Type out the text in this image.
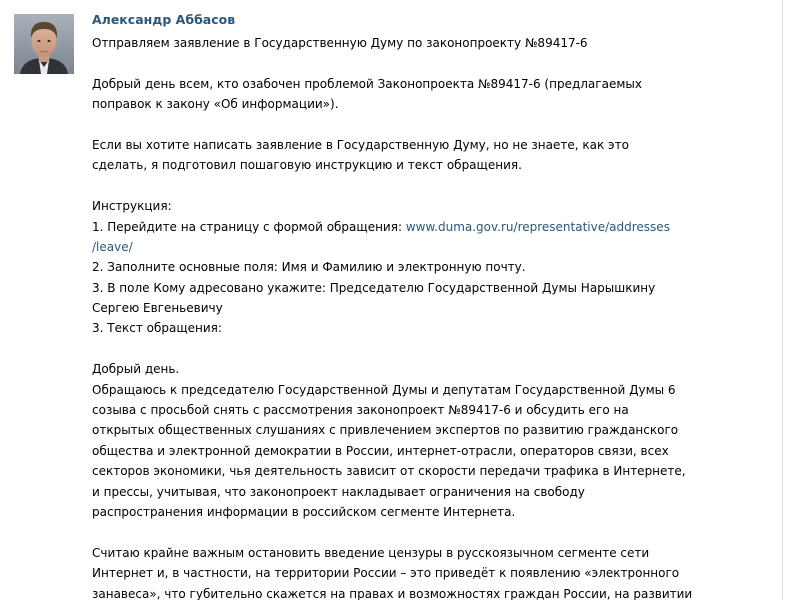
Александр Аббасов
Отправляем заявление в Государственную Думу по законопроекту №89417-6
Добрый день всем, кто озабочен проблемой Законопроекта №89417-6 (предлагаемых
поправок к закону «Об информации»).
Если вы хотите написать заявление в Государственную Думу, но не знаете, как это
сделать, я подготовил пошаговую инструкцию и текст обращения.
Инструкция:
1. Перейдите на страницу с формой обращения: www.duma.gov.ru/representative/addresses
/leave/
2. Заполните основные поля: Имя и Фамилию и электронную почту.
3. В поле Кому адресовано укажите: Председателю Государственной Думы Нарышкину
Сергею Евгеньевичу
3. Текст обращения:
Добрый день.
Обращаюсь к председателю Государственной Думы и депутатам Государственной Думы 6
созыва с просьбой снять с рассмотрения законопроект №89417-6 и обсудить его на
открытых общественных слушаниях с привлечением экспертов по развитию гражданского
общества и электронной демократии в России, интернет-отрасли, операторов связи, всех
секторов экономики, чья деятельность зависит от скорости передачи трафика в Интернете,
и прессы, учитывая, что законопроект накладывает ограничения на свободу
распространения информации в российском сегменте Интернета.
Считаю крайне важным остановить введение цензуры в русскоязычном сегменте сети
Интернет и, в частности, на территории России – это приведёт к появлению «электронного
занавеса», что губительно скажется на правах и возможностях граждан России, на развитии
